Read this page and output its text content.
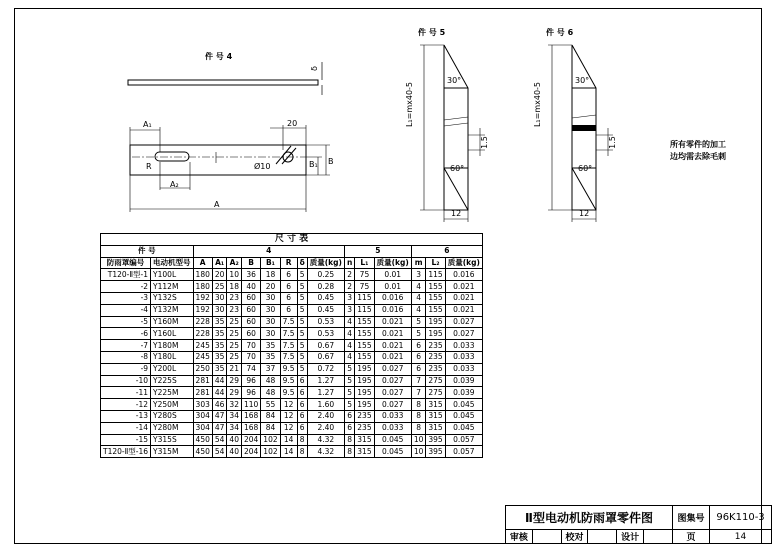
件 号 4
件 号 5	件 号 6
δ
A₁
A₂
A
R
20
Ø10	B₁ B
L₁=mx40-5	L₁=mx40-5
30°
60°
30°
60°
1.5	1.5
12	12
所有零件的加工
边均需去除毛刺
尺 寸 表															
件 号		4								5			6		
防雨罩编号	电动机型号	A	A₁	A₂	B	B₁	R	δ	质量(kg)	n	L₁	质量(kg)	m	L₂	质量(kg)
T120-Ⅱ型-1	Y100L	180	20	10	36	18	6	5	0.25	2	75	0.01	3	115	0.016
-2	Y112M	180	25	18	40	20	6	5	0.28	2	75	0.01	4	155	0.021
-3	Y132S	192	30	23	60	30	6	5	0.45	3	115	0.016	4	155	0.021
-4	Y132M	192	30	23	60	30	6	5	0.45	3	115	0.016	4	155	0.021
-5	Y160M	228	35	25	60	30	7.5	5	0.53	4	155	0.021	5	195	0.027
-6	Y160L	228	35	25	60	30	7.5	5	0.53	4	155	0.021	5	195	0.027
-7	Y180M	245	35	25	70	35	7.5	5	0.67	4	155	0.021	6	235	0.033
-8	Y180L	245	35	25	70	35	7.5	5	0.67	4	155	0.021	6	235	0.033
-9	Y200L	250	35	21	74	37	9.5	5	0.72	5	195	0.027	6	235	0.033
-10	Y225S	281	44	29	96	48	9.5	6	1.27	5	195	0.027	7	275	0.039
-11	Y225M	281	44	29	96	48	9.5	6	1.27	5	195	0.027	7	275	0.039
-12	Y250M	303	46	32	110	55	12	6	1.60	5	195	0.027	8	315	0.045
-13	Y280S	304	47	34	168	84	12	6	2.40	6	235	0.033	8	315	0.045
-14	Y280M	304	47	34	168	84	12	6	2.40	6	235	0.033	8	315	0.045
-15	Y315S	450	54	40	204	102	14	8	4.32	8	315	0.045	10	395	0.057
T120-Ⅱ型-16	Y315M	450	54	40	204	102	14	8	4.32	8	315	0.045	10	395	0.057
Ⅱ型电动机防雨罩零件图						图集号	96K110-3
审核		校对		设计		页	14
